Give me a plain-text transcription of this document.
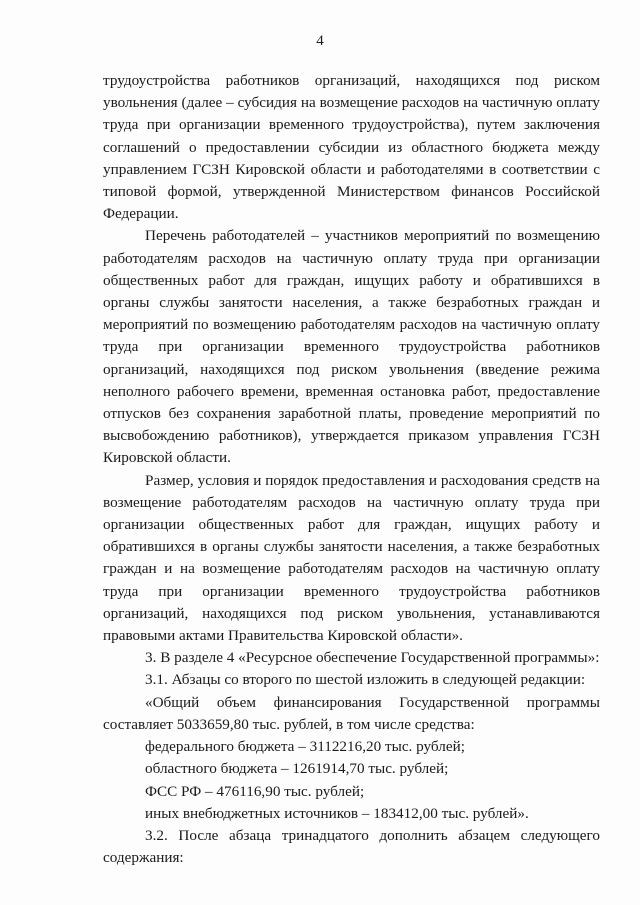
4

трудоустройства работников организаций, находящихся под риском увольнения (далее – субсидия на возмещение расходов на частичную оплату труда при организации временного трудоустройства), путем заключения соглашений о предоставлении субсидии из областного бюджета между управлением ГСЗН Кировской области и работодателями в соответствии с типовой формой, утвержденной Министерством финансов Российской Федерации.

Перечень работодателей – участников мероприятий по возмещению работодателям расходов на частичную оплату труда при организации общественных работ для граждан, ищущих работу и обратившихся в органы службы занятости населения, а также безработных граждан и мероприятий по возмещению работодателям расходов на частичную оплату труда при организации временного трудоустройства работников организаций, находящихся под риском увольнения (введение режима неполного рабочего времени, временная остановка работ, предоставление отпусков без сохранения заработной платы, проведение мероприятий по высвобождению работников), утверждается приказом управления ГСЗН Кировской области.

Размер, условия и порядок предоставления и расходования средств на возмещение работодателям расходов на частичную оплату труда при организации общественных работ для граждан, ищущих работу и обратившихся в органы службы занятости населения, а также безработных граждан и на возмещение работодателям расходов на частичную оплату труда при организации временного трудоустройства работников организаций, находящихся под риском увольнения, устанавливаются правовыми актами Правительства Кировской области».

3. В разделе 4 «Ресурсное обеспечение Государственной программы»:

3.1. Абзацы со второго по шестой изложить в следующей редакции:

«Общий объем финансирования Государственной программы составляет 5033659,80 тыс. рублей, в том числе средства:

федерального бюджета – 3112216,20 тыс. рублей;

областного бюджета – 1261914,70 тыс. рублей;

ФСС РФ – 476116,90 тыс. рублей;

иных внебюджетных источников – 183412,00 тыс. рублей».

3.2. После абзаца тринадцатого дополнить абзацем следующего содержания:
